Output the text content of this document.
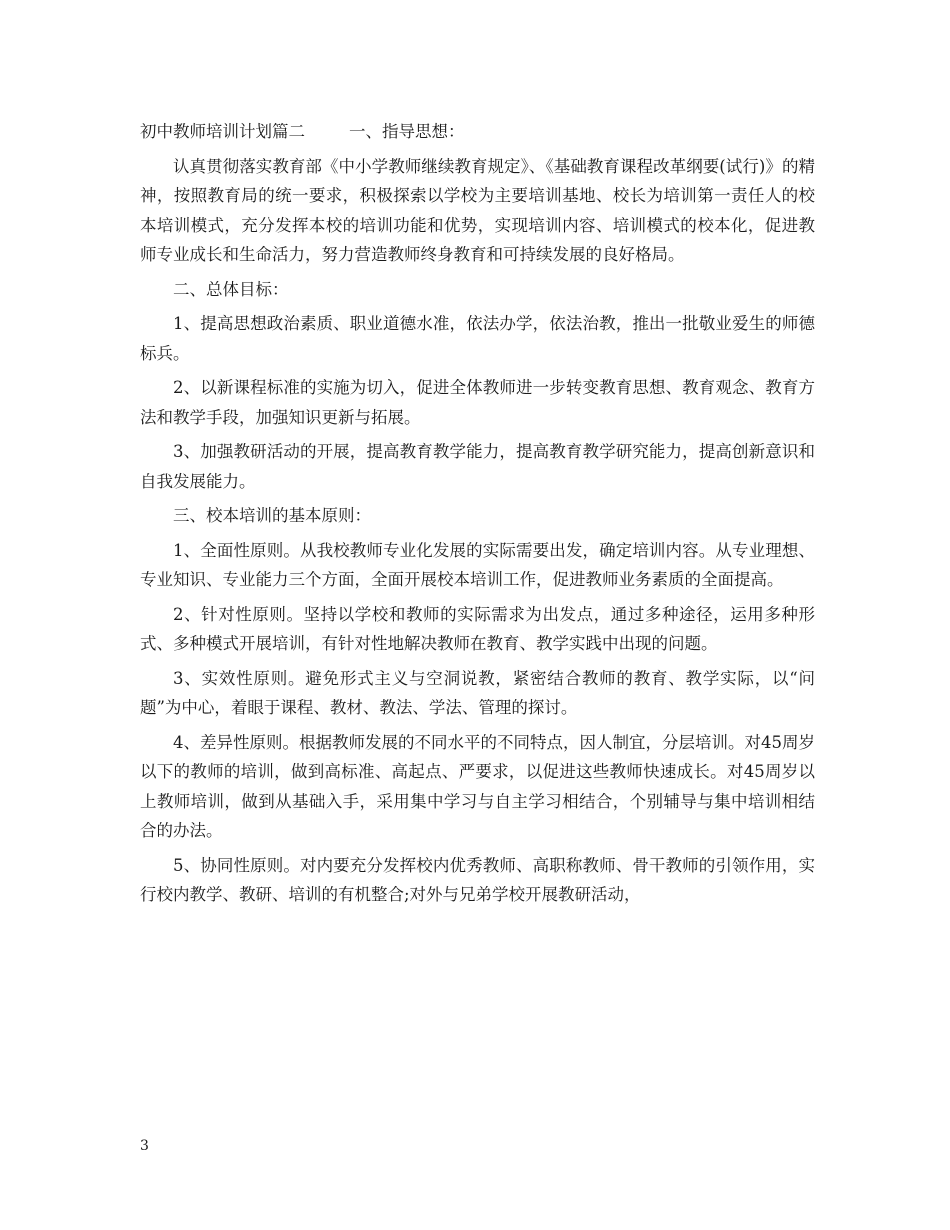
初中教师培训计划篇二	一、指导思想：

认真贯彻落实教育部《中小学教师继续教育规定》、《基础教育课程改革纲要(试行)》的精神，按照教育局的统一要求，积极探索以学校为主要培训基地、校长为培训第一责任人的校本培训模式，充分发挥本校的培训功能和优势，实现培训内容、培训模式的校本化，促进教师专业成长和生命活力，努力营造教师终身教育和可持续发展的良好格局。

二、总体目标：

1、提高思想政治素质、职业道德水准，依法办学，依法治教，推出一批敬业爱生的师德标兵。

2、以新课程标准的实施为切入，促进全体教师进一步转变教育思想、教育观念、教育方法和教学手段，加强知识更新与拓展。

3、加强教研活动的开展，提高教育教学能力，提高教育教学研究能力，提高创新意识和自我发展能力。

三、校本培训的基本原则：

1、全面性原则。从我校教师专业化发展的实际需要出发，确定培训内容。从专业理想、专业知识、专业能力三个方面，全面开展校本培训工作，促进教师业务素质的全面提高。

2、针对性原则。坚持以学校和教师的实际需求为出发点，通过多种途径，运用多种形式、多种模式开展培训，有针对性地解决教师在教育、教学实践中出现的问题。

3、实效性原则。避免形式主义与空洞说教，紧密结合教师的教育、教学实际，以“问题”为中心，着眼于课程、教材、教法、学法、管理的探讨。

4、差异性原则。根据教师发展的不同水平的不同特点，因人制宜，分层培训。对45周岁以下的教师的培训，做到高标准、高起点、严要求，以促进这些教师快速成长。对45周岁以上教师培训，做到从基础入手，采用集中学习与自主学习相结合，个别辅导与集中培训相结合的办法。

5、协同性原则。对内要充分发挥校内优秀教师、高职称教师、骨干教师的引领作用，实行校内教学、教研、培训的有机整合;对外与兄弟学校开展教研活动，

3
